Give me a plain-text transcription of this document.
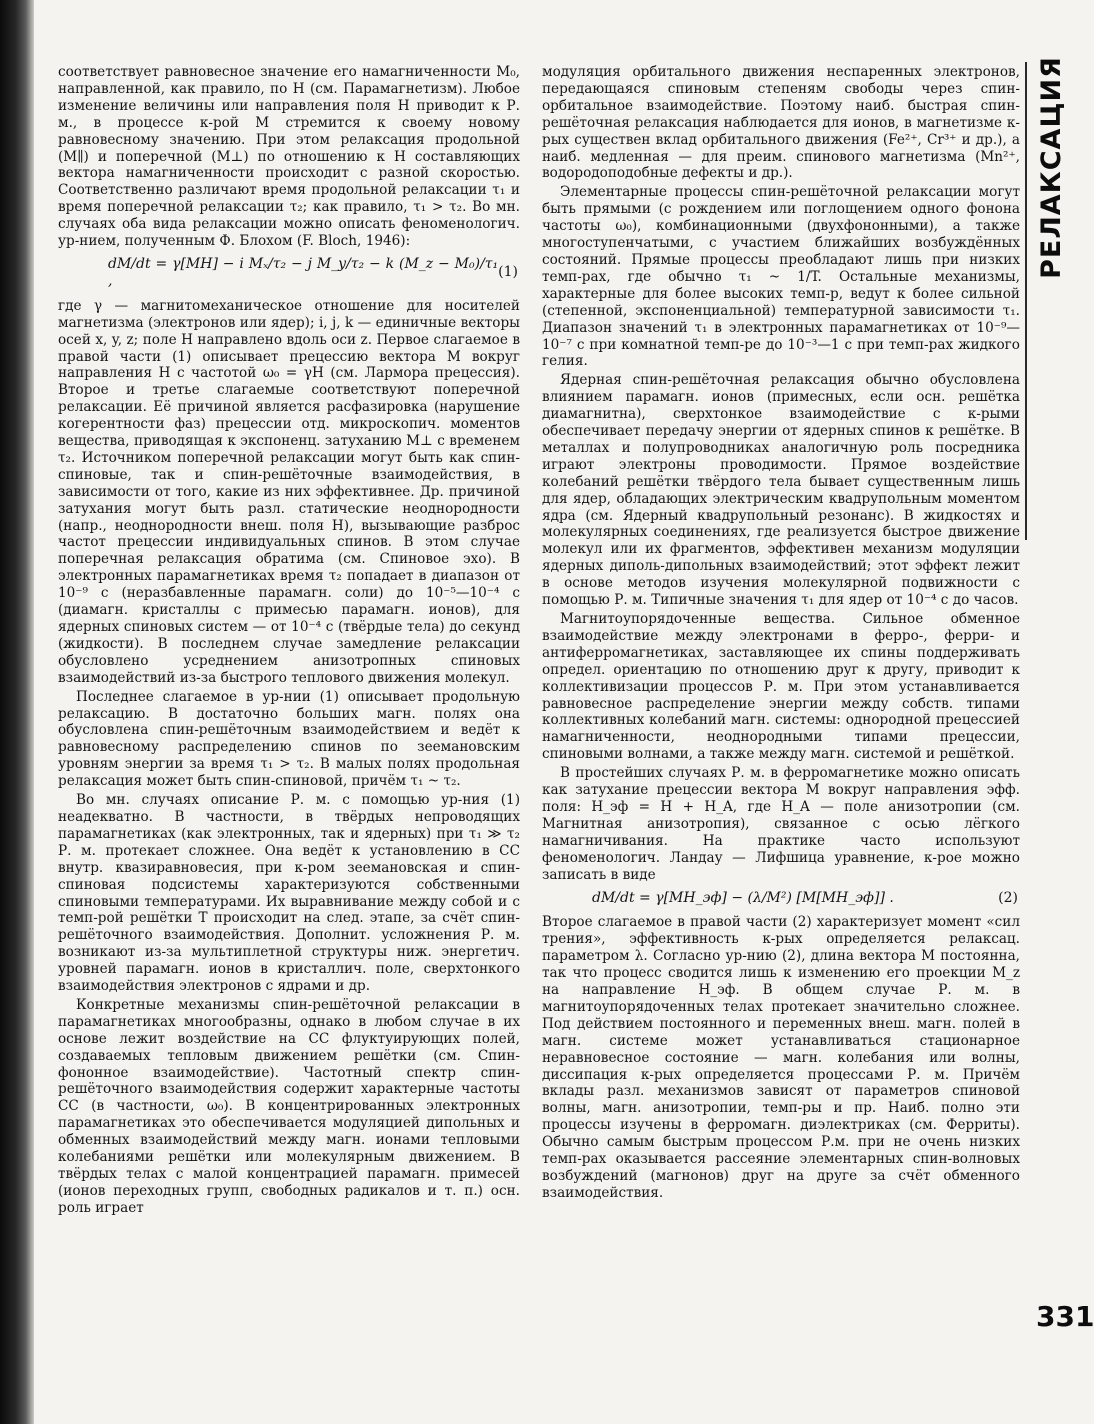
соответствует равновесное значение его намагниченности M₀, направленной, как правило, по H (см. Парамагнетизм). Любое изменение величины или направления поля H приводит к Р. м., в процессе к-рой M стремится к своему новому равновесному значению. При этом релаксация продольной (M∥) и поперечной (M⊥) по отношению к H составляющих вектора намагниченности происходит с разной скоростью. Соответственно различают время продольной релаксации τ₁ и время поперечной релаксации τ₂; как правило, τ₁ > τ₂. Во мн. случаях оба вида релаксации можно описать феноменологич. ур-нием, полученным Ф. Блохом (F. Bloch, 1946):

dM/dt = γ[MH] − i Mₓ/τ₂ − j M_y/τ₂ − k (M_z − M₀)/τ₁ ,
(1)

где γ — магнитомеханическое отношение для носителей магнетизма (электронов или ядер); i, j, k — единичные векторы осей x, y, z; поле H направлено вдоль оси z. Первое слагаемое в правой части (1) описывает прецессию вектора M вокруг направления H с частотой ω₀ = γH (см. Лармора прецессия). Второе и третье слагаемые соответствуют поперечной релаксации. Её причиной является расфазировка (нарушение когерентности фаз) прецессии отд. микроскопич. моментов вещества, приводящая к экспоненц. затуханию M⊥ с временем τ₂. Источником поперечной релаксации могут быть как спин-спиновые, так и спин-решёточные взаимодействия, в зависимости от того, какие из них эффективнее. Др. причиной затухания могут быть разл. статические неоднородности (напр., неоднородности внеш. поля H), вызывающие разброс частот прецессии индивидуальных спинов. В этом случае поперечная релаксация обратима (см. Спиновое эхо). В электронных парамагнетиках время τ₂ попадает в диапазон от 10⁻⁹ с (неразбавленные парамагн. соли) до 10⁻⁵—10⁻⁴ с (диамагн. кристаллы с примесью парамагн. ионов), для ядерных спиновых систем — от 10⁻⁴ с (твёрдые тела) до секунд (жидкости). В последнем случае замедление релаксации обусловлено усреднением анизотропных спиновых взаимодействий из-за быстрого теплового движения молекул.

Последнее слагаемое в ур-нии (1) описывает продольную релаксацию. В достаточно больших магн. полях она обусловлена спин-решёточным взаимодействием и ведёт к равновесному распределению спинов по зеемановским уровням энергии за время τ₁ > τ₂. В малых полях продольная релаксация может быть спин-спиновой, причём τ₁ ~ τ₂.

Во мн. случаях описание Р. м. с помощью ур-ния (1) неадекватно. В частности, в твёрдых непроводящих парамагнетиках (как электронных, так и ядерных) при τ₁ ≫ τ₂ Р. м. протекает сложнее. Она ведёт к установлению в СС внутр. квазиравновесия, при к-ром зеемановская и спин-спиновая подсистемы характеризуются собственными спиновыми температурами. Их выравнивание между собой и с темп-рой решётки T происходит на след. этапе, за счёт спин-решёточного взаимодействия. Дополнит. усложнения Р. м. возникают из-за мультиплетной структуры ниж. энергетич. уровней парамагн. ионов в кристаллич. поле, сверхтонкого взаимодействия электронов с ядрами и др.

Конкретные механизмы спин-решёточной релаксации в парамагнетиках многообразны, однако в любом случае в их основе лежит воздействие на СС флуктуирующих полей, создаваемых тепловым движением решётки (см. Спин-фононное взаимодействие). Частотный спектр спин-решёточного взаимодействия содержит характерные частоты СС (в частности, ω₀). В концентрированных электронных парамагнетиках это обеспечивается модуляцией дипольных и обменных взаимодействий между магн. ионами тепловыми колебаниями решётки или молекулярным движением. В твёрдых телах с малой концентрацией парамагн. примесей (ионов переходных групп, свободных радикалов и т. п.) осн. роль играет

модуляция орбитального движения неспаренных электронов, передающаяся спиновым степеням свободы через спин-орбитальное взаимодействие. Поэтому наиб. быстрая спин-решёточная релаксация наблюдается для ионов, в магнетизме к-рых существен вклад орбитального движения (Fe²⁺, Cr³⁺ и др.), а наиб. медленная — для преим. спинового магнетизма (Mn²⁺, водородоподобные дефекты и др.).

Элементарные процессы спин-решёточной релаксации могут быть прямыми (с рождением или поглощением одного фонона частоты ω₀), комбинационными (двухфононными), а также многоступенчатыми, с участием ближайших возбуждённых состояний. Прямые процессы преобладают лишь при низких темп-рах, где обычно τ₁ ~ 1/T. Остальные механизмы, характерные для более высоких темп-р, ведут к более сильной (степенной, экспоненциальной) температурной зависимости τ₁. Диапазон значений τ₁ в электронных парамагнетиках от 10⁻⁹—10⁻⁷ с при комнатной темп-ре до 10⁻³—1 с при темп-рах жидкого гелия.

Ядерная спин-решёточная релаксация обычно обусловлена влиянием парамагн. ионов (примесных, если осн. решётка диамагнитна), сверхтонкое взаимодействие с к-рыми обеспечивает передачу энергии от ядерных спинов к решётке. В металлах и полупроводниках аналогичную роль посредника играют электроны проводимости. Прямое воздействие колебаний решётки твёрдого тела бывает существенным лишь для ядер, обладающих электрическим квадрупольным моментом ядра (см. Ядерный квадрупольный резонанс). В жидкостях и молекулярных соединениях, где реализуется быстрое движение молекул или их фрагментов, эффективен механизм модуляции ядерных диполь-дипольных взаимодействий; этот эффект лежит в основе методов изучения молекулярной подвижности с помощью Р. м. Типичные значения τ₁ для ядер от 10⁻⁴ с до часов.

Магнитоупорядоченные вещества. Сильное обменное взаимодействие между электронами в ферро-, ферри- и антиферромагнетиках, заставляющее их спины поддерживать определ. ориентацию по отношению друг к другу, приводит к коллективизации процессов Р. м. При этом устанавливается равновесное распределение энергии между собств. типами коллективных колебаний магн. системы: однородной прецессией намагниченности, неоднородными типами прецессии, спиновыми волнами, а также между магн. системой и решёткой.

В простейших случаях Р. м. в ферромагнетике можно описать как затухание прецессии вектора M вокруг направления эфф. поля: H_эф = H + H_A, где H_A — поле анизотропии (см. Магнитная анизотропия), связанное с осью лёгкого намагничивания. На практике часто используют феноменологич. Ландау — Лифшица уравнение, к-рое можно записать в виде

dM/dt = γ[MH_эф] − (λ/M²) [M[MH_эф]] .	(2)

Второе слагаемое в правой части (2) характеризует момент «сил трения», эффективность к-рых определяется релаксац. параметром λ. Согласно ур-нию (2), длина вектора M постоянна, так что процесс сводится лишь к изменению его проекции M_z на направление H_эф. В общем случае Р. м. в магнитоупорядоченных телах протекает значительно сложнее. Под действием постоянного и переменных внеш. магн. полей в магн. системе может устанавливаться стационарное неравновесное состояние — магн. колебания или волны, диссипация к-рых определяется процессами Р. м. Причём вклады разл. механизмов зависят от параметров спиновой волны, магн. анизотропии, темп-ры и пр. Наиб. полно эти процессы изучены в ферромагн. диэлектриках (см. Ферриты). Обычно самым быстрым процессом Р.м. при не очень низких темп-рах оказывается рассеяние элементарных спин-волновых возбуждений (магнонов) друг на друге за счёт обменного взаимодействия.

РЕЛАКСАЦИЯ
331
